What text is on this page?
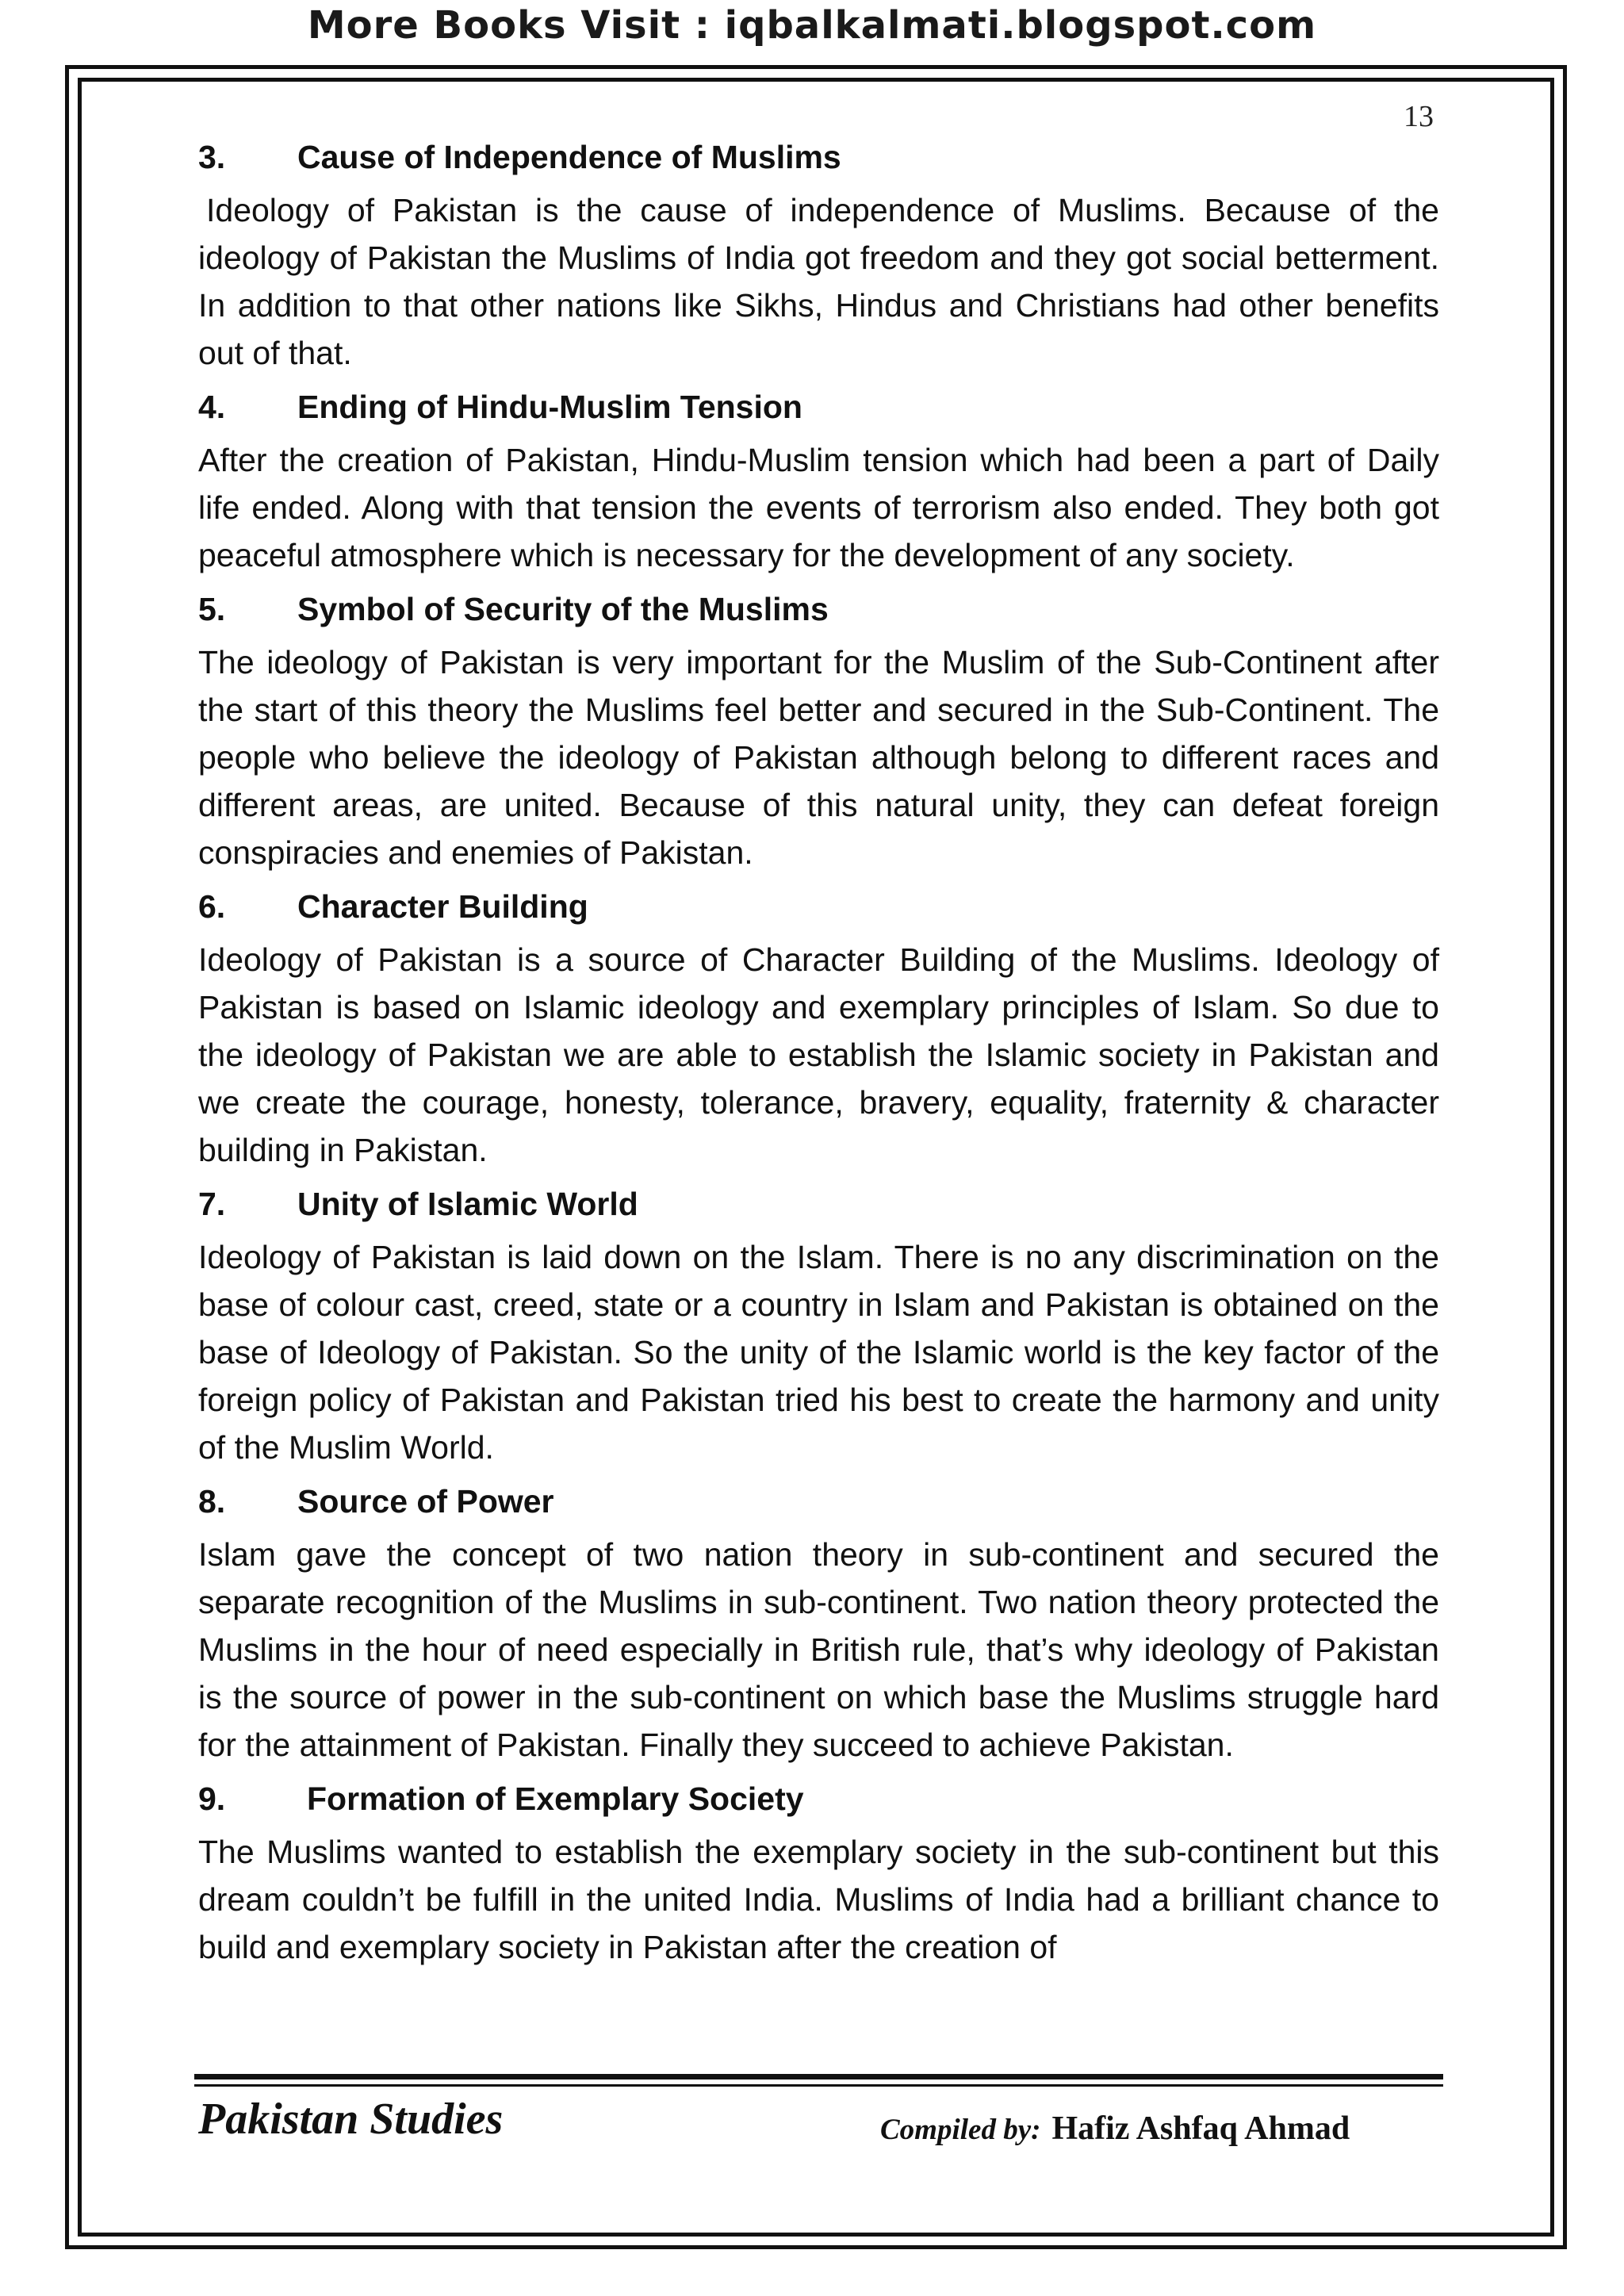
More Books Visit : iqbalkalmati.blogspot.com
13
3. Cause of Independence of Muslims

Ideology of Pakistan is the cause of independence of Muslims. Because of the ideology of Pakistan the Muslims of India got freedom and they got social betterment. In addition to that other nations like Sikhs, Hindus and Christians had other benefits out of that.

4. Ending of Hindu-Muslim Tension

After the creation of Pakistan, Hindu-Muslim tension which had been a part of Daily life ended. Along with that tension the events of terrorism also ended. They both got peaceful atmosphere which is necessary for the development of any society.

5. Symbol of Security of the Muslims

The ideology of Pakistan is very important for the Muslim of the Sub-Continent after the start of this theory the Muslims feel better and secured in the Sub-Continent. The people who believe the ideology of Pakistan although belong to different races and different areas, are united. Because of this natural unity, they can defeat foreign conspiracies and enemies of Pakistan.

6. Character Building

Ideology of Pakistan is a source of Character Building of the Muslims. Ideology of Pakistan is based on Islamic ideology and exemplary principles of Islam. So due to the ideology of Pakistan we are able to establish the Islamic society in Pakistan and we create the courage, honesty, tolerance, bravery, equality, fraternity & character building in Pakistan.

7. Unity of Islamic World

Ideology of Pakistan is laid down on the Islam. There is no any discrimination on the base of colour cast, creed, state or a country in Islam and Pakistan is obtained on the base of Ideology of Pakistan. So the unity of the Islamic world is the key factor of the foreign policy of Pakistan and Pakistan tried his best to create the harmony and unity of the Muslim World.

8. Source of Power

Islam gave the concept of two nation theory in sub-continent and secured the separate recognition of the Muslims in sub-continent. Two nation theory protected the Muslims in the hour of need especially in British rule, that’s why ideology of Pakistan is the source of power in the sub-continent on which base the Muslims struggle hard for the attainment of Pakistan. Finally they succeed to achieve Pakistan.

9.	Formation of Exemplary Society

The Muslims wanted to establish the exemplary society in the sub-continent but this dream couldn’t be fulfill in the united India. Muslims of India had a brilliant chance to build and exemplary society in Pakistan after the creation of

Pakistan Studies	Compiled by: Hafiz Ashfaq Ahmad
